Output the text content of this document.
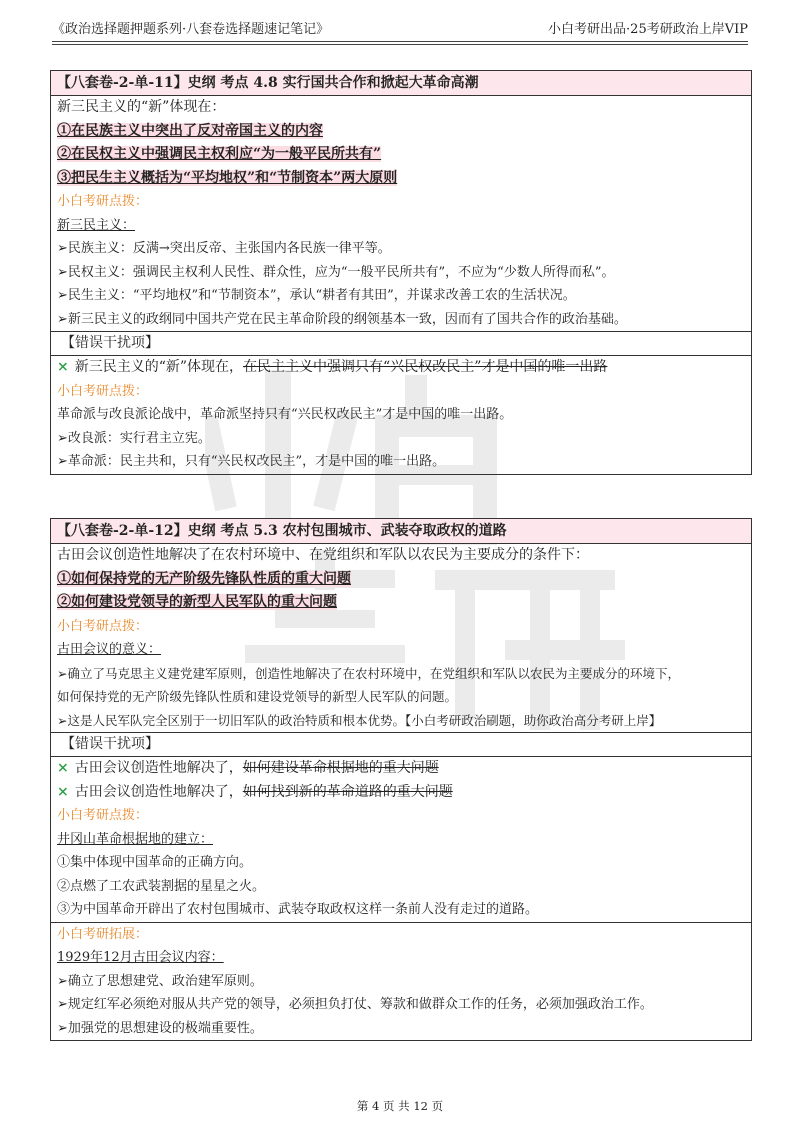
《政治选择题押题系列·八套卷选择题速记笔记》	小白考研出品·25考研政治上岸VIP
【八套卷-2-单-11】史纲 考点 4.8 实行国共合作和掀起大革命高潮
新三民主义的“新”体现在：
①在民族主义中突出了反对帝国主义的内容
②在民权主义中强调民主权利应“为一般平民所共有”
③把民生主义概括为“平均地权”和“节制资本”两大原则
小白考研点拨：
新三民主义：
➢民族主义：反满→突出反帝、主张国内各民族一律平等。
➢民权主义：强调民主权利人民性、群众性，应为“一般平民所共有”，不应为“少数人所得而私”。
➢民生主义：“平均地权”和“节制资本”，承认“耕者有其田”，并谋求改善工农的生活状况。
➢新三民主义的政纲同中国共产党在民主革命阶段的纲领基本一致，因而有了国共合作的政治基础。
【错误干扰项】
× 新三民主义的“新”体现在，在民主主义中强调只有“兴民权改民主”才是中国的唯一出路
小白考研点拨：
革命派与改良派论战中，革命派坚持只有“兴民权改民主”才是中国的唯一出路。
➢改良派：实行君主立宪。
➢革命派：民主共和，只有“兴民权改民主”，才是中国的唯一出路。
【八套卷-2-单-12】史纲 考点 5.3 农村包围城市、武装夺取政权的道路
古田会议创造性地解决了在农村环境中、在党组织和军队以农民为主要成分的条件下：
①如何保持党的无产阶级先锋队性质的重大问题
②如何建设党领导的新型人民军队的重大问题
小白考研点拨：
古田会议的意义：
➢确立了马克思主义建党建军原则，创造性地解决了在农村环境中，在党组织和军队以农民为主要成分的环境下，
如何保持党的无产阶级先锋队性质和建设党领导的新型人民军队的问题。
➢这是人民军队完全区别于一切旧军队的政治特质和根本优势。【小白考研政治刷题，助你政治高分考研上岸】
【错误干扰项】
× 古田会议创造性地解决了，如何建设革命根据地的重大问题
× 古田会议创造性地解决了，如何找到新的革命道路的重大问题
小白考研点拨：
井冈山革命根据地的建立：
①集中体现中国革命的正确方向。
②点燃了工农武装割据的星星之火。
③为中国革命开辟出了农村包围城市、武装夺取政权这样一条前人没有走过的道路。
小白考研拓展：
1929年12月古田会议内容：
➢确立了思想建党、政治建军原则。
➢规定红军必须绝对服从共产党的领导，必须担负打仗、筹款和做群众工作的任务，必须加强政治工作。
➢加强党的思想建设的极端重要性。
第 4 页 共 12 页
